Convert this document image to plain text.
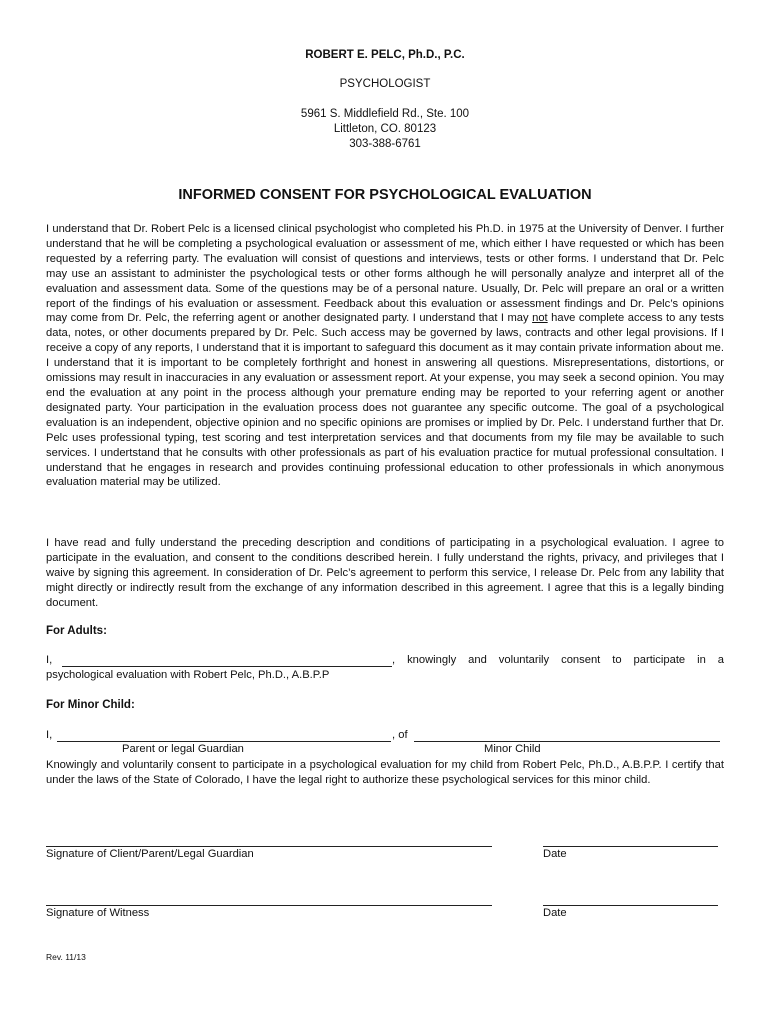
ROBERT E. PELC, Ph.D., P.C.
PSYCHOLOGIST
5961 S. Middlefield Rd., Ste. 100
Littleton, CO. 80123
303-388-6761
INFORMED CONSENT FOR PSYCHOLOGICAL EVALUATION
I understand that Dr. Robert Pelc is a licensed clinical psychologist who completed his Ph.D. in 1975 at the University of Denver. I further understand that he will be completing a psychological evaluation or assessment of me, which either I have requested or which has been requested by a referring party. The evaluation will consist of questions and interviews, tests or other forms. I understand that Dr. Pelc may use an assistant to administer the psychological tests or other forms although he will personally analyze and interpret all of the evaluation and assessment data. Some of the questions may be of a personal nature. Usually, Dr. Pelc will prepare an oral or a written report of the findings of his evaluation or assessment. Feedback about this evaluation or assessment findings and Dr. Pelc’s opinions may come from Dr. Pelc, the referring agent or another designated party. I understand that I may not have complete access to any tests data, notes, or other documents prepared by Dr. Pelc. Such access may be governed by laws, contracts and other legal provisions. If I receive a copy of any reports, I understand that it is important to safeguard this document as it may contain private information about me. I understand that it is important to be completely forthright and honest in answering all questions. Misrepresentations, distortions, or omissions may result in inaccuracies in any evaluation or assessment report. At your expense, you may seek a second opinion. You may end the evaluation at any point in the process although your premature ending may be reported to your referring agent or another designated party. Your participation in the evaluation process does not guarantee any specific outcome. The goal of a psychological evaluation is an independent, objective opinion and no specific opinions are promises or implied by Dr. Pelc. I understand further that Dr. Pelc uses professional typing, test scoring and test interpretation services and that documents from my file may be available to such services. I undertstand that he consults with other professionals as part of his evaluation practice for mutual professional consultation. I understand that he engages in research and provides continuing professional education to other professionals in which anonymous evaluation material may be utilized.
I have read and fully understand the preceding description and conditions of participating in a psychological evaluation. I agree to participate in the evaluation, and consent to the conditions described herein. I fully understand the rights, privacy, and privileges that I waive by signing this agreement. In consideration of Dr. Pelc’s agreement to perform this service, I release Dr. Pelc from any lability that might directly or indirectly result from the exchange of any information described in this agreement. I agree that this is a legally binding document.
For Adults:
I,	, knowingly and voluntarily consent to participate in a
psychological evaluation with Robert Pelc, Ph.D., A.B.P.P
For Minor Child:
I,	, of
Parent or legal Guardian	Minor Child
Knowingly and voluntarily consent to participate in a psychological evaluation for my child from Robert Pelc, Ph.D., A.B.P.P. I certify that under the laws of the State of Colorado, I have the legal right to authorize these psychological services for this minor child.
Signature of Client/Parent/Legal Guardian	Date
Signature of Witness	Date
Rev. 11/13
